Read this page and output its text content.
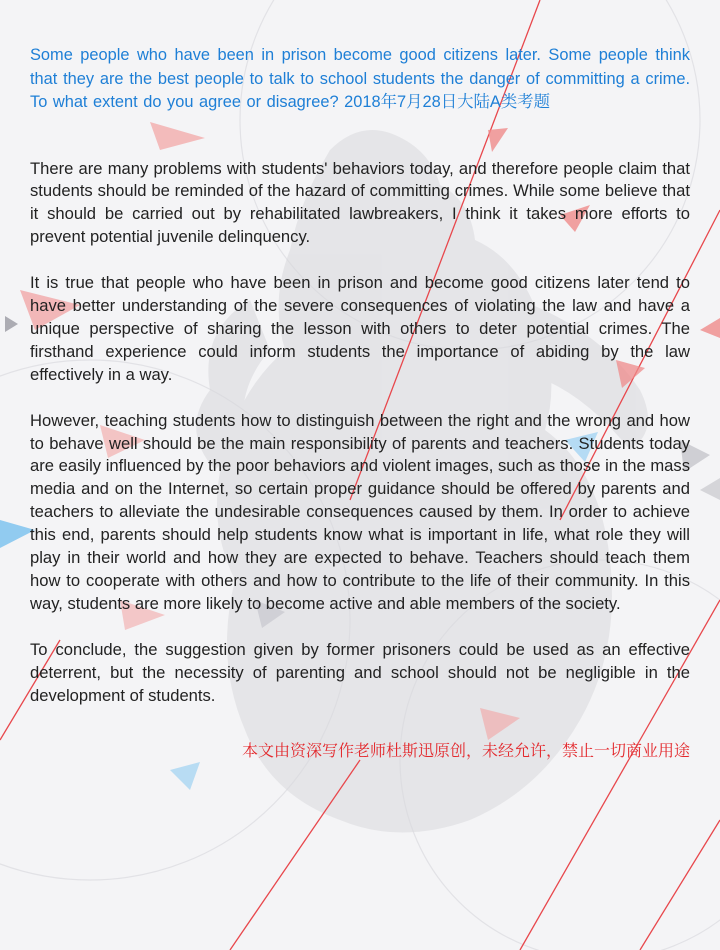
Some people who have been in prison become good citizens later. Some people think that they are the best people to talk to school students the danger of committing a crime. To what extent do you agree or disagree? 2018年7月28日大陆A类考题

There are many problems with students' behaviors today, and therefore people claim that students should be reminded of the hazard of committing crimes. While some believe that it should be carried out by rehabilitated lawbreakers, I think it takes more efforts to prevent potential juvenile delinquency.

It is true that people who have been in prison and become good citizens later tend to have better understanding of the severe consequences of violating the law and have a unique perspective of sharing the lesson with others to deter potential crimes. The firsthand experience could inform students the importance of abiding by the law effectively in a way.

However, teaching students how to distinguish between the right and the wrong and how to behave well should be the main responsibility of parents and teachers. Students today are easily influenced by the poor behaviors and violent images, such as those in the mass media and on the Internet, so certain proper guidance should be offered by parents and teachers to alleviate the undesirable consequences caused by them. In order to achieve this end, parents should help students know what is important in life, what role they will play in their world and how they are expected to behave. Teachers should teach them how to cooperate with others and how to contribute to the life of their community. In this way, students are more likely to become active and able members of the society.

To conclude, the suggestion given by former prisoners could be used as an effective deterrent, but the necessity of parenting and school should not be negligible in the development of students.

本文由资深写作老师杜斯迅原创，未经允许，禁止一切商业用途
